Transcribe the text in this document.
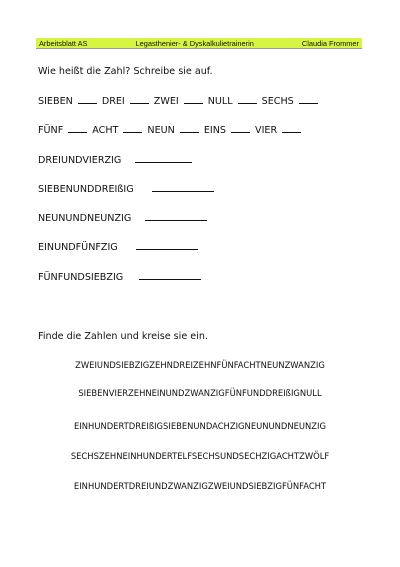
Arbeitsblatt AS	Legasthenier- & Dyskalkulietrainerin	Claudia Frommer
Wie heißt die Zahl? Schreibe sie auf.
SIEBEN	DREI	ZWEI	NULL	SECHS
FÜNF	ACHT	NEUN	EINS	VIER
DREIUNDVIERZIG
SIEBENUNDDREIßIG
NEUNUNDNEUNZIG
EINUNDFÜNFZIG
FÜNFUNDSIEBZIG
Finde die Zahlen und kreise sie ein.
ZWEIUNDSIEBZIGZEHNDREIZEHNFÜNFACHTNEUNZWANZIG
SIEBENVIERZEHNEINUNDZWANZIGFÜNFUNDDREIßIGNULL
EINHUNDERTDREIßIGSIEBENUNDACHZIGNEUNUNDNEUNZIG
SECHSZEHNEINHUNDERTELFSECHSUNDSECHZIGACHTZWÖLF
EINHUNDERTDREIUNDZWANZIGZWEIUNDSIEBZIGFÜNFACHT
